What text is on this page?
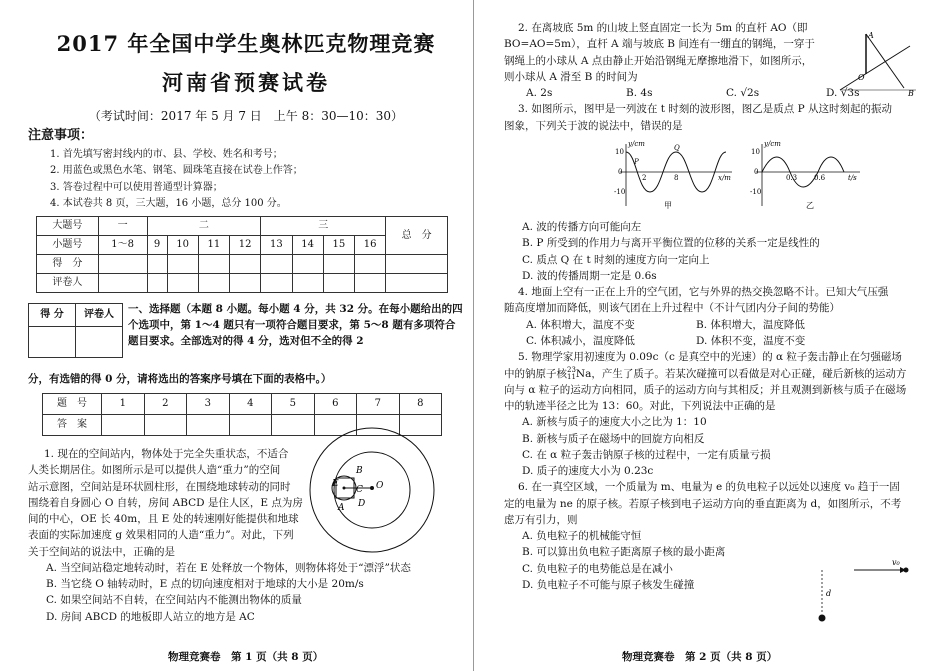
2017 年全国中学生奥林匹克物理竞赛
河南省预赛试卷
（考试时间：2017 年 5 月 7 日　上午 8：30—10：30）
注意事项：
1. 首先填写密封线内的市、县、学校、姓名和考号；
2. 用蓝色或黑色水笔、钢笔、圆珠笔直接在试卷上作答；
3. 答卷过程中可以使用普通型计算器；
4. 本试卷共 8 页，三大题，16 小题，总分 100 分。
大题号	一	二				三				总　分
小题号	1～8	9	10	11	12	13	14	15	16	
得　分										
评卷人										
得 分	评卷人
	一、选择题（本题 8 小题。每小题 4 分，共 32 分。在每小题给出的四个选项中，第 1～4 题只有一项符合题目要求，第 5～8 题有多项符合题目要求。全部选对的得 4 分，选对但不全的得 2
分，有选错的得 0 分，请将选出的答案序号填在下面的表格中。）
题　号	1	2	3	4	5	6	7	8
答　案								
1. 现在的空间站内，物体处于完全失重状态，不适合
人类长期居住。如图所示是可以提供人造“重力”的空间
站示意图，空间站是环状圆柱形，在围绕地球转动的同时
围绕着自身圆心 O 自转，房间 ABCD 是住人区，E 点为房
间的中心，OE 长 40m，且 E 处的转速刚好能提供和地球
表面的实际加速度 g 效果相同的人造“重力”。对此，下列
关于空间站的说法中，正确的是
A. 当空间站稳定地转动时，若在 E 处释放一个物体，则物体将处于“漂浮”状态
B. 当它绕 O 轴转动时，E 点的切向速度相对于地球的大小是 20m/s
C. 如果空间站不自转，在空间站内不能测出物体的质量
D. 房间 ABCD 的地板即人站立的地方是 AC
B
E	O
C
D
A
物理竞赛卷　第 1 页（共 8 页）
2. 在离坡底 5m 的山坡上竖直固定一长为 5m 的直杆 AO（即
BO=AO=5m），直杆 A 端与坡底 B 间连有一绷直的钢绳，一穿于
钢绳上的小球从 A 点由静止开始沿钢绳无摩擦地滑下，如图所示，
则小球从 A 滑至 B 的时间为
A. 2s	B. 4s	C. √2s	D. √3s
A
O
B
3. 如图所示，图甲是一列波在 t 时刻的波形图，图乙是质点 P 从这时刻起的振动
图象，下列关于波的说法中，错误的是
y/cm
x/m
10
0
-10
2	8
P
Q
甲
y/cm
t/s
10
0
-10
0.3 0.6
乙
A. 波的传播方向可能向左
B. P 所受到的作用力与离开平衡位置的位移的关系一定是线性的
C. 质点 Q 在 t 时刻的速度方向一定向上
D. 波的传播周期一定是 0.6s
4. 地面上空有一正在上升的空气团，它与外界的热交换忽略不计。已知大气压强
随高度增加而降低，则该气团在上升过程中（不计气团内分子间的势能）
A. 体积增大，温度不变	B. 体积增大，温度降低
C. 体积减小，温度降低	D. 体积不变，温度不变
5. 物理学家用初速度为 0.09c（c 是真空中的光速）的 α 粒子轰击静止在匀强磁场
中的钠原子核 23
11 Na，产生了质子。若某次碰撞可以看做是对心正碰，碰后新核的运动方
向与 α 粒子的运动方向相同，质子的运动方向与其相反；并且观测到新核与质子在磁场
中的轨迹半径之比为 13：60。对此，下列说法中正确的是
A. 新核与质子的速度大小之比为 1：10
B. 新核与质子在磁场中的回旋方向相反
C. 在 α 粒子轰击钠原子核的过程中，一定有质量亏损
D. 质子的速度大小为 0.23c
6. 在一真空区域，一个质量为 m、电量为 e 的负电粒子以远处以速度 v₀ 趋于一固
定的电量为 ne 的原子核。若原子核到电子运动方向的垂直距离为 d，如图所示，不考
虑万有引力，则
A. 负电粒子的机械能守恒
B. 可以算出负电粒子距离原子核的最小距离
C. 负电粒子的电势能总是在减小
D. 负电粒子不可能与原子核发生碰撞
v₀
d
物理竞赛卷　第 2 页（共 8 页）
